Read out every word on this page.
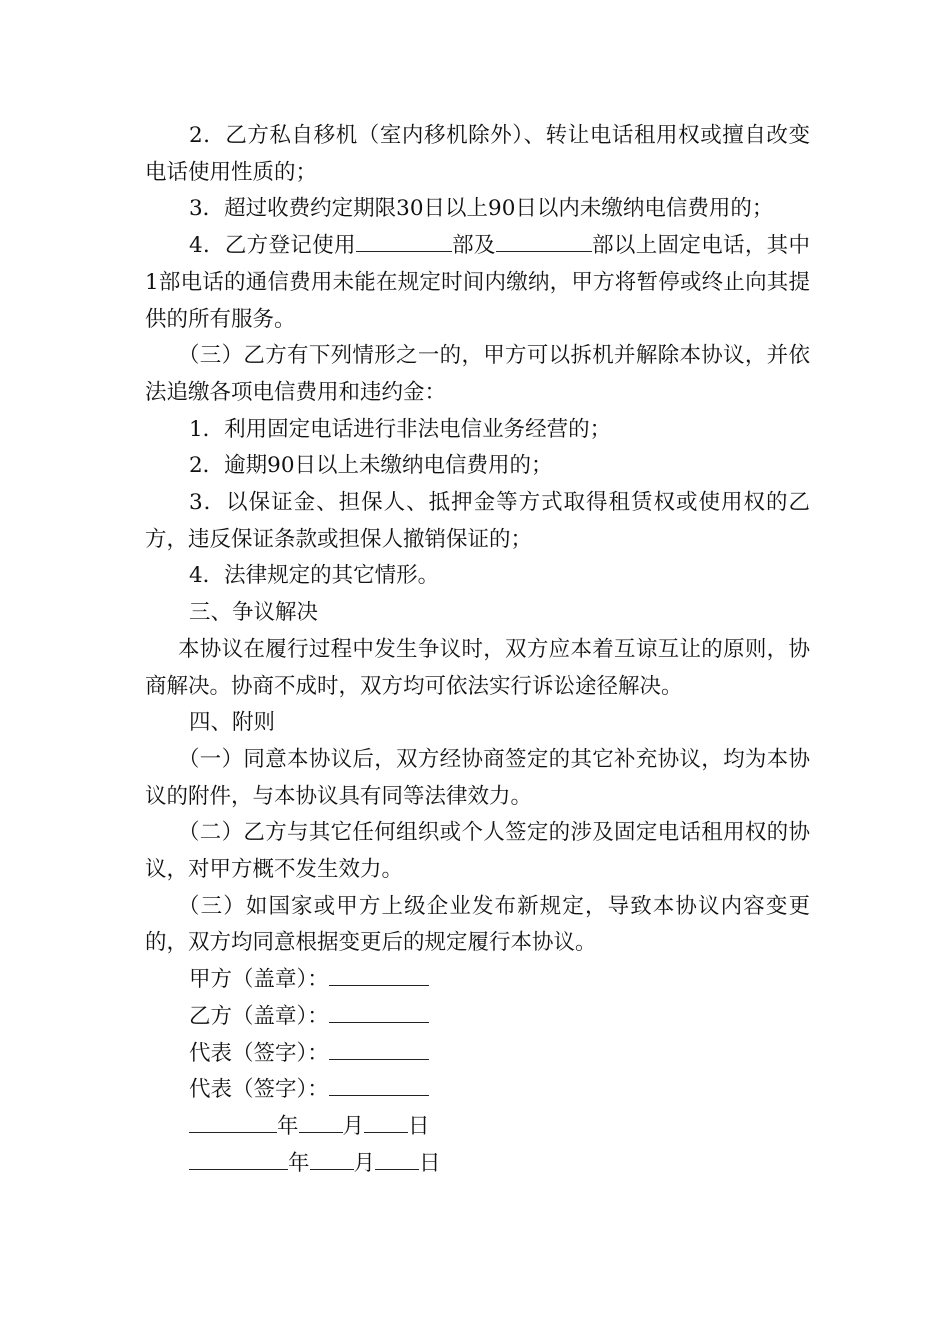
2．乙方私自移机（室内移机除外）、转让电话租用权或擅自改变电话使用性质的；

3．超过收费约定期限30日以上90日以内未缴纳电信费用的；

4．乙方登记使用	部及	部以上固定电话，其中1部电话的通信费用未能在规定时间内缴纳，甲方将暂停或终止向其提供的所有服务。

（三）乙方有下列情形之一的，甲方可以拆机并解除本协议，并依法追缴各项电信费用和违约金：

1．利用固定电话进行非法电信业务经营的；

2．逾期90日以上未缴纳电信费用的；

3．以保证金、担保人、抵押金等方式取得租赁权或使用权的乙方，违反保证条款或担保人撤销保证的；

4．法律规定的其它情形。

三、争议解决

本协议在履行过程中发生争议时，双方应本着互谅互让的原则，协商解决。协商不成时，双方均可依法实行诉讼途径解决。

四、附则

（一）同意本协议后，双方经协商签定的其它补充协议，均为本协议的附件，与本协议具有同等法律效力。

（二）乙方与其它任何组织或个人签定的涉及固定电话租用权的协议，对甲方概不发生效力。

（三）如国家或甲方上级企业发布新规定，导致本协议内容变更的，双方均同意根据变更后的规定履行本协议。

甲方（盖章）：

乙方（盖章）：

代表（签字）：

代表（签字）：

年 月 日

年 月 日
